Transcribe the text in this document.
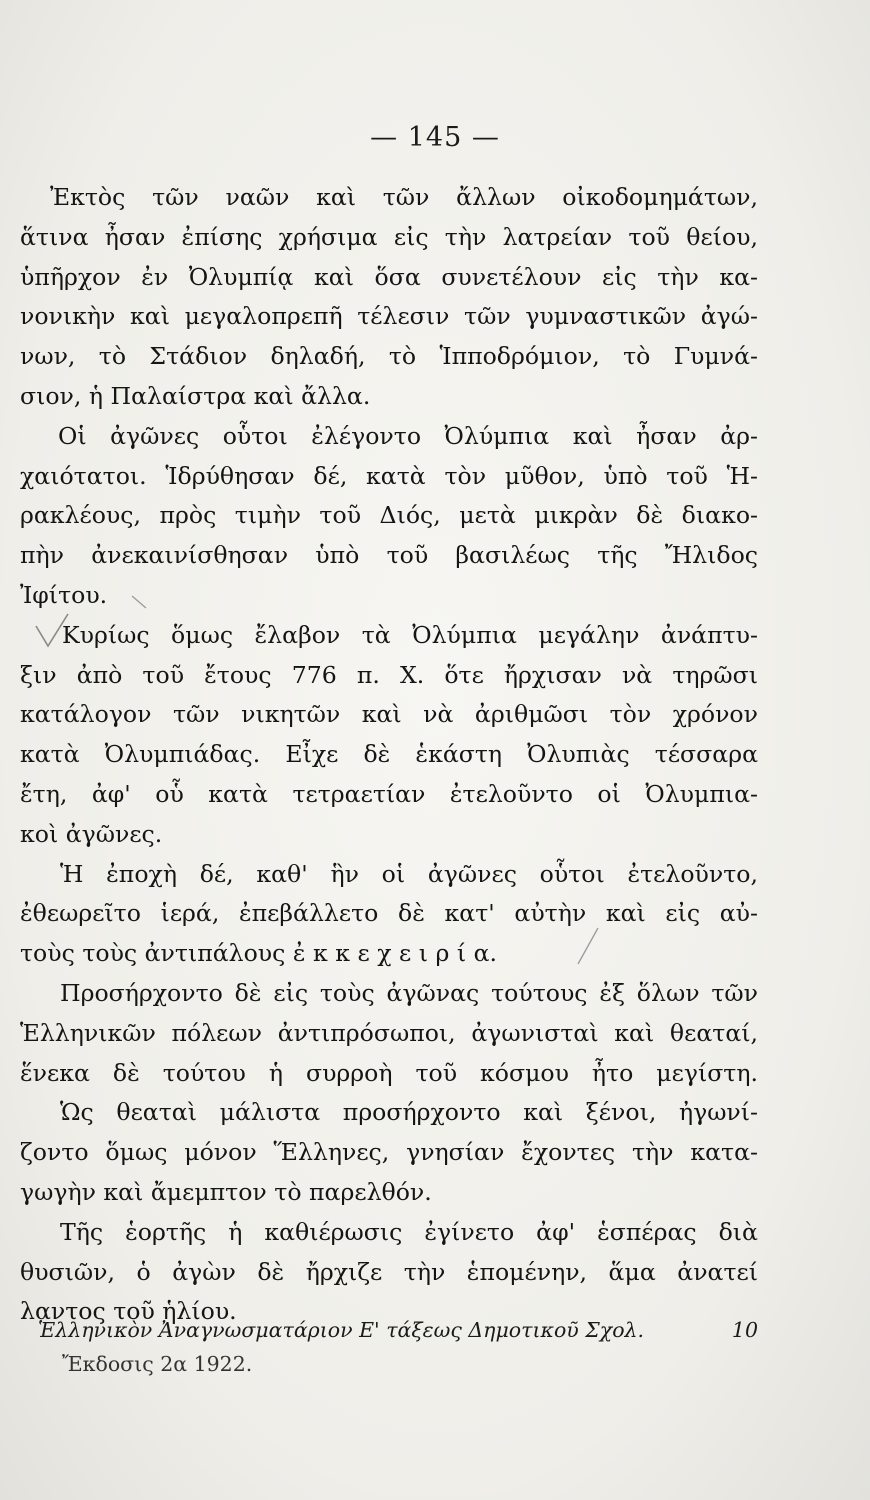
— 145 —
Ἐκτὸς τῶν ναῶν καὶ τῶν ἄλλων οἰκοδομημάτων,
ἅτινα ἦσαν ἐπίσης χρήσιμα εἰς τὴν λατρείαν τοῦ θείου,
ὑπῆρχον ἐν Ὀλυμπίᾳ καὶ ὅσα συνετέλουν εἰς τὴν κα-
νονικὴν καὶ μεγαλοπρεπῆ τέλεσιν τῶν γυμναστικῶν ἀγώ-
νων, τὸ Στάδιον δηλαδή, τὸ Ἱπποδρόμιον, τὸ Γυμνά-
σιον, ἡ Παλαίστρα καὶ ἄλλα.
Οἱ ἀγῶνες οὗτοι ἐλέγοντο Ὀλύμπια καὶ ἦσαν ἀρ-
χαιότατοι. Ἱδρύθησαν δέ, κατὰ τὸν μῦθον, ὑπὸ τοῦ Ἡ-
ρακλέους, πρὸς τιμὴν τοῦ Διός, μετὰ μικρὰν δὲ διακο-
πὴν ἀνεκαινίσθησαν ὑπὸ τοῦ βασιλέως τῆς Ἤλιδος
Ἰφίτου.
Κυρίως ὅμως ἔλαβον τὰ Ὀλύμπια μεγάλην ἀνάπτυ-
ξιν ἀπὸ τοῦ ἔτους 776 π. Χ. ὅτε ἤρχισαν νὰ τηρῶσι
κατάλογον τῶν νικητῶν καὶ νὰ ἀριθμῶσι τὸν χρόνον
κατὰ Ὀλυμπιάδας. Εἶχε δὲ ἑκάστη Ὀλυπιὰς τέσσαρα
ἔτη, ἀφ' οὗ κατὰ τετραετίαν ἐτελοῦντο οἱ Ὀλυμπια-
κοὶ ἀγῶνες.
Ἡ ἐποχὴ δέ, καθ' ἣν οἱ ἀγῶνες οὗτοι ἐτελοῦντο,
ἐθεωρεῖτο ἱερά, ἐπεβάλλετο δὲ κατ' αὐτὴν καὶ εἰς αὐ-
τοὺς τοὺς ἀντιπάλους ἐ κ κ ε χ ε ι ρ ί α.
Προσήρχοντο δὲ εἰς τοὺς ἀγῶνας τούτους ἐξ ὅλων τῶν
Ἑλληνικῶν πόλεων ἀντιπρόσωποι, ἀγωνισταὶ καὶ θεαταί,
ἕνεκα δὲ τούτου ἡ συρροὴ τοῦ κόσμου ἦτο μεγίστη.
Ὡς θεαταὶ μάλιστα προσήρχοντο καὶ ξένοι, ἠγωνί-
ζοντο ὅμως μόνον Ἕλληνες, γνησίαν ἔχοντες τὴν κατα-
γωγὴν καὶ ἄμεμπτον τὸ παρελθόν.
Τῆς ἑορτῆς ἡ καθιέρωσις ἐγίνετο ἀφ' ἑσπέρας διὰ
θυσιῶν, ὁ ἀγὼν δὲ ἤρχιζε τὴν ἑπομένην, ἅμα ἀνατεί
λαντος τοῦ ἡλίου.
Ἑλληνικὸν Ἀναγνωσματάριον Ε' τάξεως Δημοτικοῦ Σχολ.	10
Ἔκδοσις 2α 1922.
